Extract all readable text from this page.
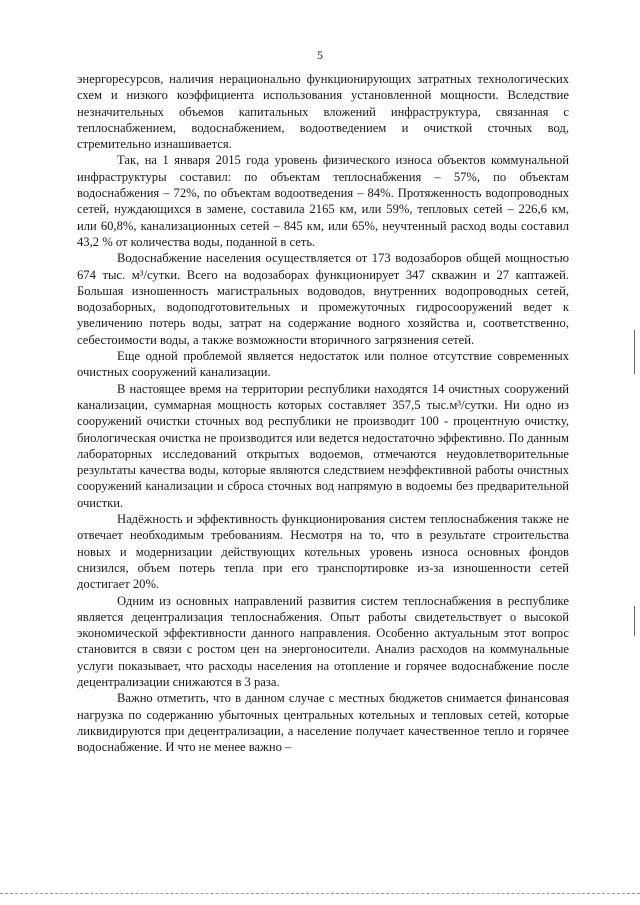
5

энергоресурсов, наличия нерационально функционирующих затратных технологических схем и низкого коэффициента использования установленной мощности. Вследствие незначительных объемов капитальных вложений инфраструктура, связанная с теплоснабжением, водоснабжением, водоотведением и очисткой сточных вод, стремительно изнашивается.

Так, на 1 января 2015 года уровень физического износа объектов коммунальной инфраструктуры составил: по объектам теплоснабжения – 57%, по объектам водоснабжения – 72%, по объектам водоотведения – 84%. Протяженность водопроводных сетей, нуждающихся в замене, составила 2165 км, или 59%, тепловых сетей – 226,6 км, или 60,8%, канализационных сетей – 845 км, или 65%, неучтенный расход воды составил 43,2 % от количества воды, поданной в сеть.

Водоснабжение населения осуществляется от 173 водозаборов общей мощностью 674 тыс. м³/сутки. Всего на водозаборах функционирует 347 скважин и 27 каптажей. Большая изношенность магистральных водоводов, внутренних водопроводных сетей, водозаборных, водоподготовительных и промежуточных гидросооружений ведет к увеличению потерь воды, затрат на содержание водного хозяйства и, соответственно, себестоимости воды, а также возможности вторичного загрязнения сетей.

Еще одной проблемой является недостаток или полное отсутствие современных очистных сооружений канализации.

В настоящее время на территории республики находятся 14 очистных сооружений канализации, суммарная мощность которых составляет 357,5 тыс.м³/сутки. Ни одно из сооружений очистки сточных вод республики не производит 100 - процентную очистку, биологическая очистка не производится или ведется недостаточно эффективно. По данным лабораторных исследований открытых водоемов, отмечаются неудовлетворительные результаты качества воды, которые являются следствием неэффективной работы очистных сооружений канализации и сброса сточных вод напрямую в водоемы без предварительной очистки.

Надёжность и эффективность функционирования систем теплоснабжения также не отвечает необходимым требованиям. Несмотря на то, что в результате строительства новых и модернизации действующих котельных уровень износа основных фондов снизился, объем потерь тепла при его транспортировке из-за изношенности сетей достигает 20%.

Одним из основных направлений развития систем теплоснабжения в республике является децентрализация теплоснабжения. Опыт работы свидетельствует о высокой экономической эффективности данного направления. Особенно актуальным этот вопрос становится в связи с ростом цен на энергоносители. Анализ расходов на коммунальные услуги показывает, что расходы населения на отопление и горячее водоснабжение после децентрализации снижаются в 3 раза.

Важно отметить, что в данном случае с местных бюджетов снимается финансовая нагрузка по содержанию убыточных центральных котельных и тепловых сетей, которые ликвидируются при децентрализации, а население получает качественное тепло и горячее водоснабжение. И что не менее важно –
